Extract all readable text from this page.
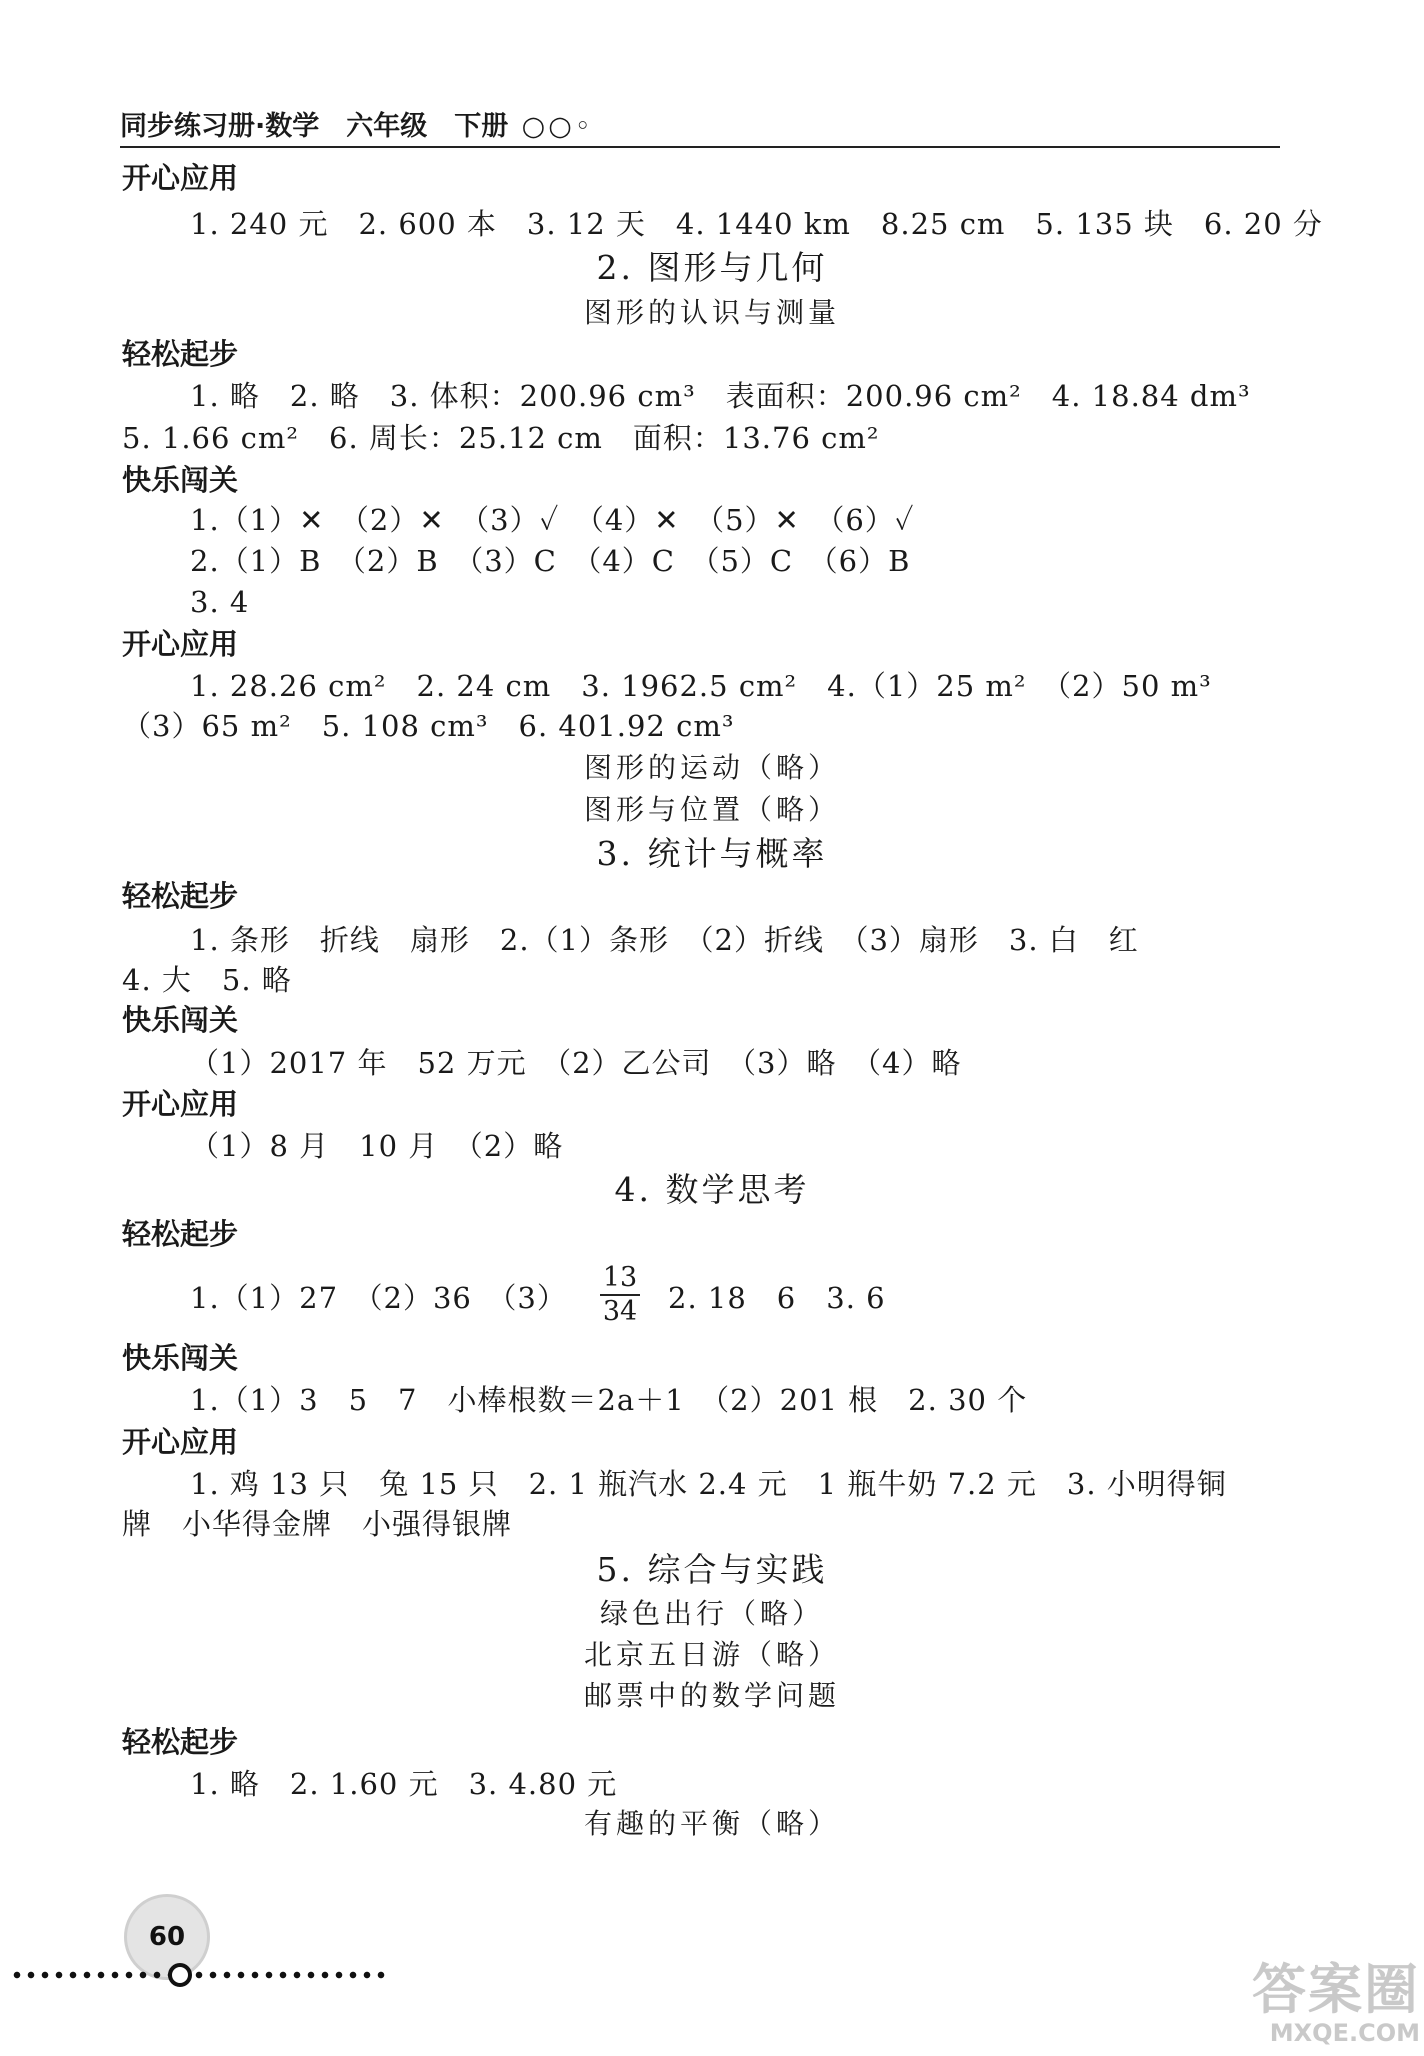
同步练习册·数学　六年级　下册 ○○◦
开心应用
1. 240 元　2. 600 本　3. 12 天　4. 1440 km　8.25 cm　5. 135 块　6. 20 分
2. 图形与几何
图形的认识与测量
轻松起步
1. 略　2. 略　3. 体积：200.96 cm³　表面积：200.96 cm²　4. 18.84 dm³
5. 1.66 cm²　6. 周长：25.12 cm　面积：13.76 cm²
快乐闯关
1.（1）✕　（2）✕　（3）✓　（4）✕　（5）✕　（6）✓
2.（1）B　（2）B　（3）C　（4）C　（5）C　（6）B
3. 4
开心应用
1. 28.26 cm²　2. 24 cm　3. 1962.5 cm²　4.（1）25 m²　（2）50 m³
（3）65 m²　5. 108 cm³　6. 401.92 cm³
图形的运动（略）
图形与位置（略）
3. 统计与概率
轻松起步
1. 条形　折线　扇形　2.（1）条形　（2）折线　（3）扇形　3. 白　红
4. 大　5. 略
快乐闯关
（1）2017 年　52 万元　（2）乙公司　（3）略　（4）略
开心应用
（1）8 月　10 月　（2）略
4. 数学思考
轻松起步
1.（1）27　（2）36　$(3) \frac{13}{34} 2$. 18　6　3. 6
快乐闯关
1.（1）3　5　7　小棒根数＝2a＋1　（2）201 根　2. 30 个
开心应用
1. 鸡 13 只　兔 15 只　2. 1 瓶汽水 2.4 元　1 瓶牛奶 7.2 元　3. 小明得铜
牌　小华得金牌　小强得银牌
5. 综合与实践
绿色出行（略）
北京五日游（略）
邮票中的数学问题
轻松起步
1. 略　2. 1.60 元　3. 4.80 元
有趣的平衡（略）
60
答案圈
MXQE.COM
